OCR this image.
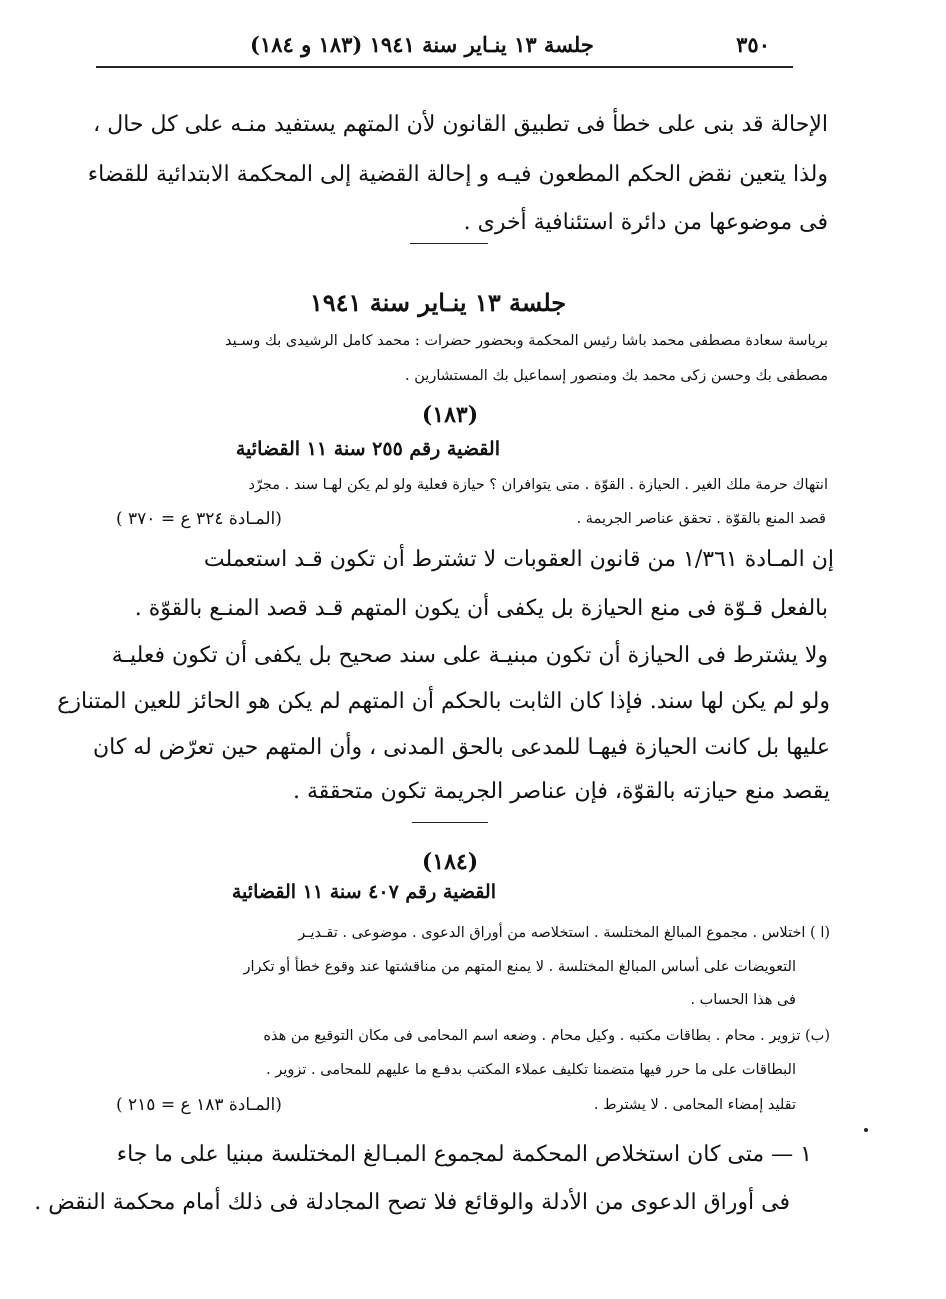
٣٥٠
جلسة ١٣ ينـاير سنة ١٩٤١ (١٨٣ و ١٨٤)
الإحالة قد بنى على خطأ فى تطبيق القانون لأن المتهم يستفيد منـه على كل حال ،
ولذا يتعين نقض الحكم المطعون فيـه و إحالة القضية إلى المحكمة الابتدائية للقضاء
فى موضوعها من دائرة استئنافية أخرى .
جلسة ١٣ ينـاير سنة ١٩٤١
برياسة سعادة مصطفى محمد باشا رئيس المحكمة وبحضور حضرات : محمد كامل الرشيدى بك وسـيد
مصطفى بك وحسن زكى محمد بك ومنصور إسماعيل بك المستشارين .
(١٨٣)
القضية رقم ٢٥٥ سنة ١١ القضائية
انتهاك حرمة ملك الغير . الحيازة . القوّة . متى يتوافران ؟ حيازة فعلية ولو لم يكن لهـا سند . مجرّد
قصد المنع بالقوّة . تحقق عناصر الجريمة .
(المـادة ٣٢٤ ع = ٣٧٠ )
إن المـادة ١/٣٦١ من قانون العقوبات لا تشترط أن تكون قـد استعملت
بالفعل قـوّة فى منع الحيازة بل يكفى أن يكون المتهم قـد قصد المنـع بالقوّة .
ولا يشترط فى الحيازة أن تكون مبنيـة على سند صحيح بل يكفى أن تكون فعليـة
ولو لم يكن لها سند. فإذا كان الثابت بالحكم أن المتهم لم يكن هو الحائز للعين المتنازع
عليها بل كانت الحيازة فيهـا للمدعى بالحق المدنى ، وأن المتهم حين تعرّض له كان
يقصد منع حيازته بالقوّة، فإن عناصر الجريمة تكون متحققة .
(١٨٤)
القضية رقم ٤٠٧ سنة ١١ القضائية
(ا ) اختلاس . مجموع المبالغ المختلسة . استخلاصه من أوراق الدعوى . موضوعى . تقـديـر
التعويضات على أساس المبالغ المختلسة . لا يمنع المتهم من مناقشتها عند وقوع خطأ أو تكرار
فى هذا الحساب .
(ب) تزوير . محام . بطاقات مكتبه . وكيل محام . وضعه اسم المحامى فى مكان التوقيع من هذه
البطاقات على ما حرر فيها متضمنا تكليف عملاء المكتب بدفـع ما عليهم للمحامى . تزوير .
تقليد إمضاء المحامى . لا يشترط .
(المـادة ١٨٣ ع = ٢١٥ )
١ — متى كان استخلاص المحكمة لمجموع المبـالغ المختلسة مبنيا على ما جاء
فى أوراق الدعوى من الأدلة والوقائع فلا تصح المجادلة فى ذلك أمام محكمة النقض .
